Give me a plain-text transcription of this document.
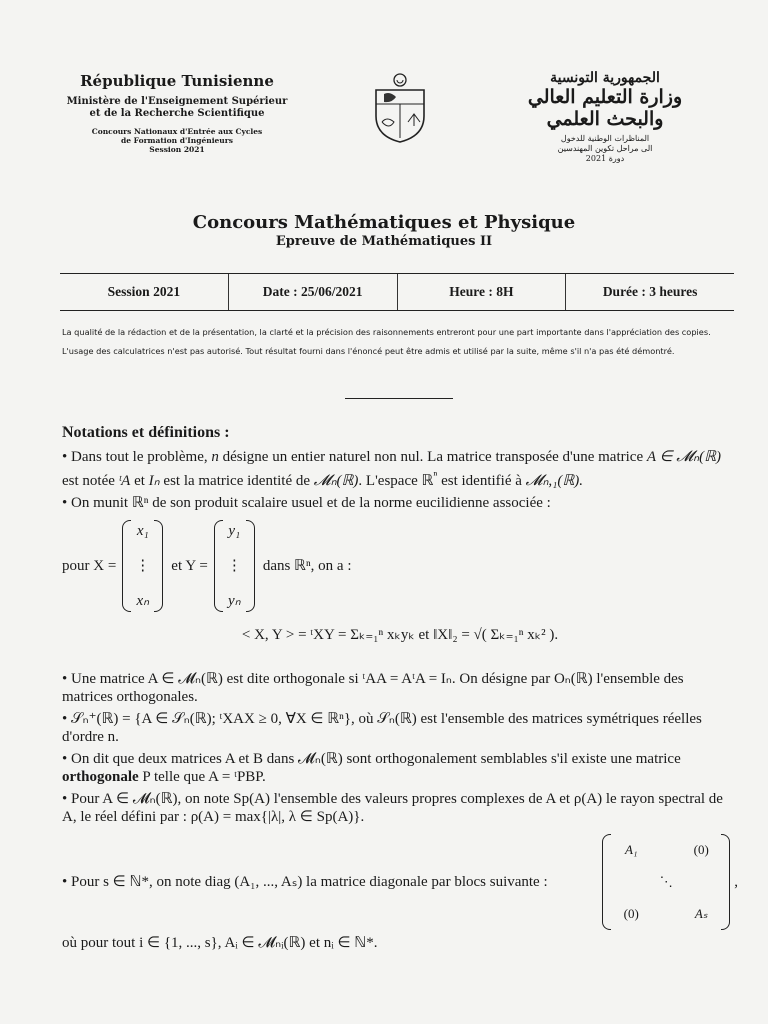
République Tunisienne
Ministère de l'Enseignement Supérieur
et de la Recherche Scientifique
Concours Nationaux d'Entrée aux Cycles
de Formation d'Ingénieurs
Session 2021
الجمهورية التونسية
وزارة التعليم العالي
والبحث العلمي
المناظرات الوطنية للدخول
الى مراحل تكوين المهندسين
دورة 2021
Concours Mathématiques et Physique
Epreuve de Mathématiques II
Session 2021	Date : 25/06/2021	Heure : 8H	Durée : 3 heures
La qualité de la rédaction et de la présentation, la clarté et la précision des raisonnements entreront pour une part importante dans l'appréciation des copies. L'usage des calculatrices n'est pas autorisé. Tout résultat fourni dans l'énoncé peut être admis et utilisé par la suite, même s'il n'a pas été démontré.
Notations et définitions :

• Dans tout le problème, n désigne un entier naturel non nul. La matrice transposée d'une matrice A ∈ 𝓜ₙ(ℝ) est notée ᵗA et Iₙ est la matrice identité de 𝓜ₙ(ℝ). L'espace ℝ$^{^n}$ est identifié à 𝓜ₙ,₁(ℝ).

• On munit ℝⁿ de son produit scalaire usuel et de la norme eucilidienne associée :

pour X =
x₁
⋮
xₙ
et Y =
y₁
⋮
yₙ
dans ℝⁿ, on a :
< X, Y > = ᵗXY = Σₖ₌₁ⁿ xₖyₖ et ‖X‖₂ = √( Σₖ₌₁ⁿ xₖ² ).

• Une matrice A ∈ 𝓜ₙ(ℝ) est dite orthogonale si ᵗAA = AᵗA = Iₙ. On désigne par Oₙ(ℝ) l'ensemble des matrices orthogonales.

• 𝒮ₙ⁺(ℝ) = {A ∈ 𝒮ₙ(ℝ); ᵗXAX ≥ 0, ∀X ∈ ℝⁿ}, où 𝒮ₙ(ℝ) est l'ensemble des matrices symétriques réelles d'ordre n.

• On dit que deux matrices A et B dans 𝓜ₙ(ℝ) sont orthogonalement semblables s'il existe une matrice orthogonale P telle que A = ᵗPBP.

• Pour A ∈ 𝓜ₙ(ℝ), on note Sp(A) l'ensemble des valeurs propres complexes de A et ρ(A) le rayon spectral de A, le réel défini par : ρ(A) = max{|λ|, λ ∈ Sp(A)}.

• Pour s ∈ ℕ*, on note diag (A₁, ..., Aₛ) la matrice diagonale par blocs suivante :
A₁	(0)
⋱
(0)	Aₛ
,

où pour tout i ∈ {1, ..., s}, Aᵢ ∈ 𝓜ₙᵢ(ℝ) et nᵢ ∈ ℕ*.
